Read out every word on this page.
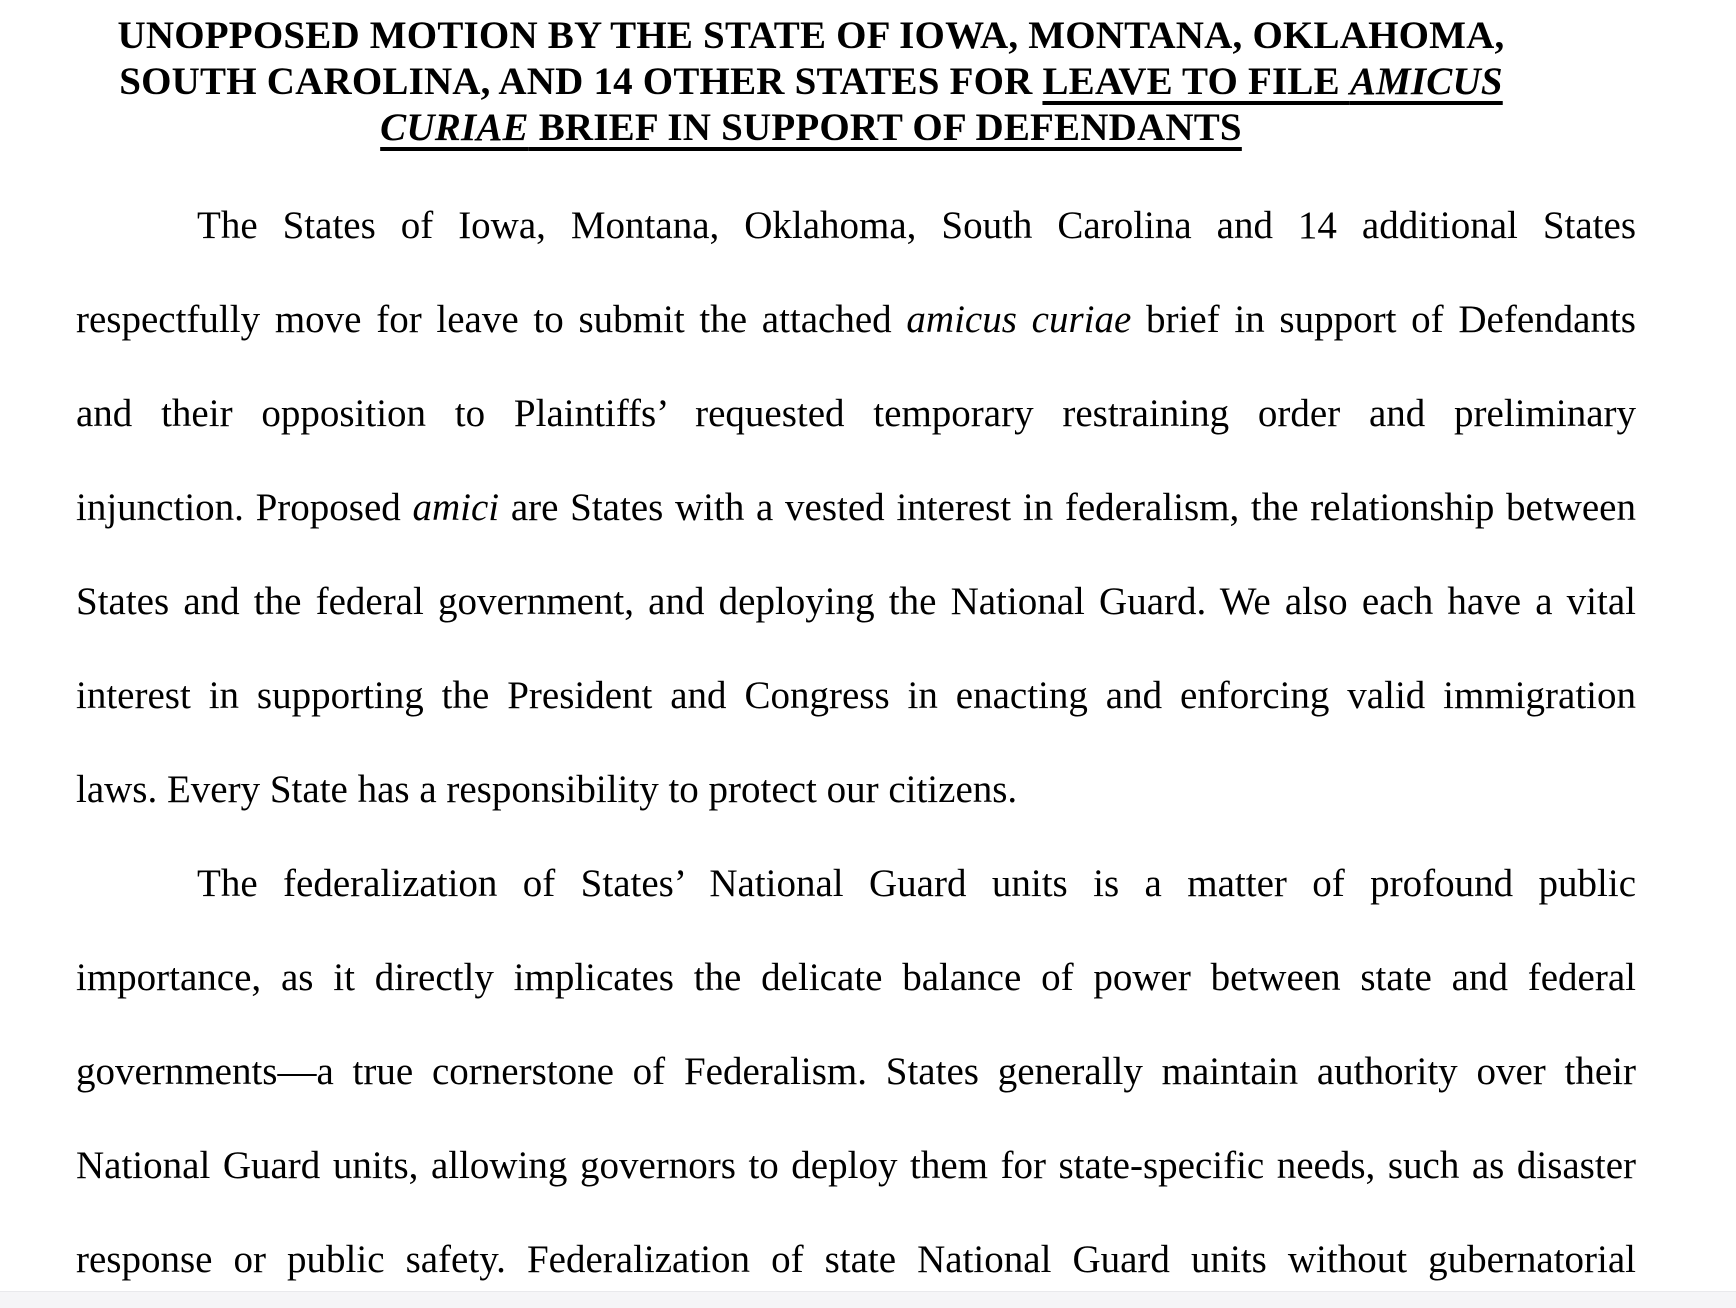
UNOPPOSED MOTION BY THE STATE OF IOWA, MONTANA, OKLAHOMA,
SOUTH CAROLINA, AND 14 OTHER STATES FOR LEAVE TO FILE AMICUS
CURIAE BRIEF IN SUPPORT OF DEFENDANTS
The States of Iowa, Montana, Oklahoma, South Carolina and 14 additional States
respectfully move for leave to submit the attached amicus curiae brief in support of Defendants
and their opposition to Plaintiffs’ requested temporary restraining order and preliminary
injunction. Proposed amici are States with a vested interest in federalism, the relationship between
States and the federal government, and deploying the National Guard. We also each have a vital
interest in supporting the President and Congress in enacting and enforcing valid immigration
laws. Every State has a responsibility to protect our citizens.
The federalization of States’ National Guard units is a matter of profound public
importance, as it directly implicates the delicate balance of power between state and federal
governments—a true cornerstone of Federalism. States generally maintain authority over their
National Guard units, allowing governors to deploy them for state-specific needs, such as disaster
response or public safety. Federalization of state National Guard units without gubernatorial
